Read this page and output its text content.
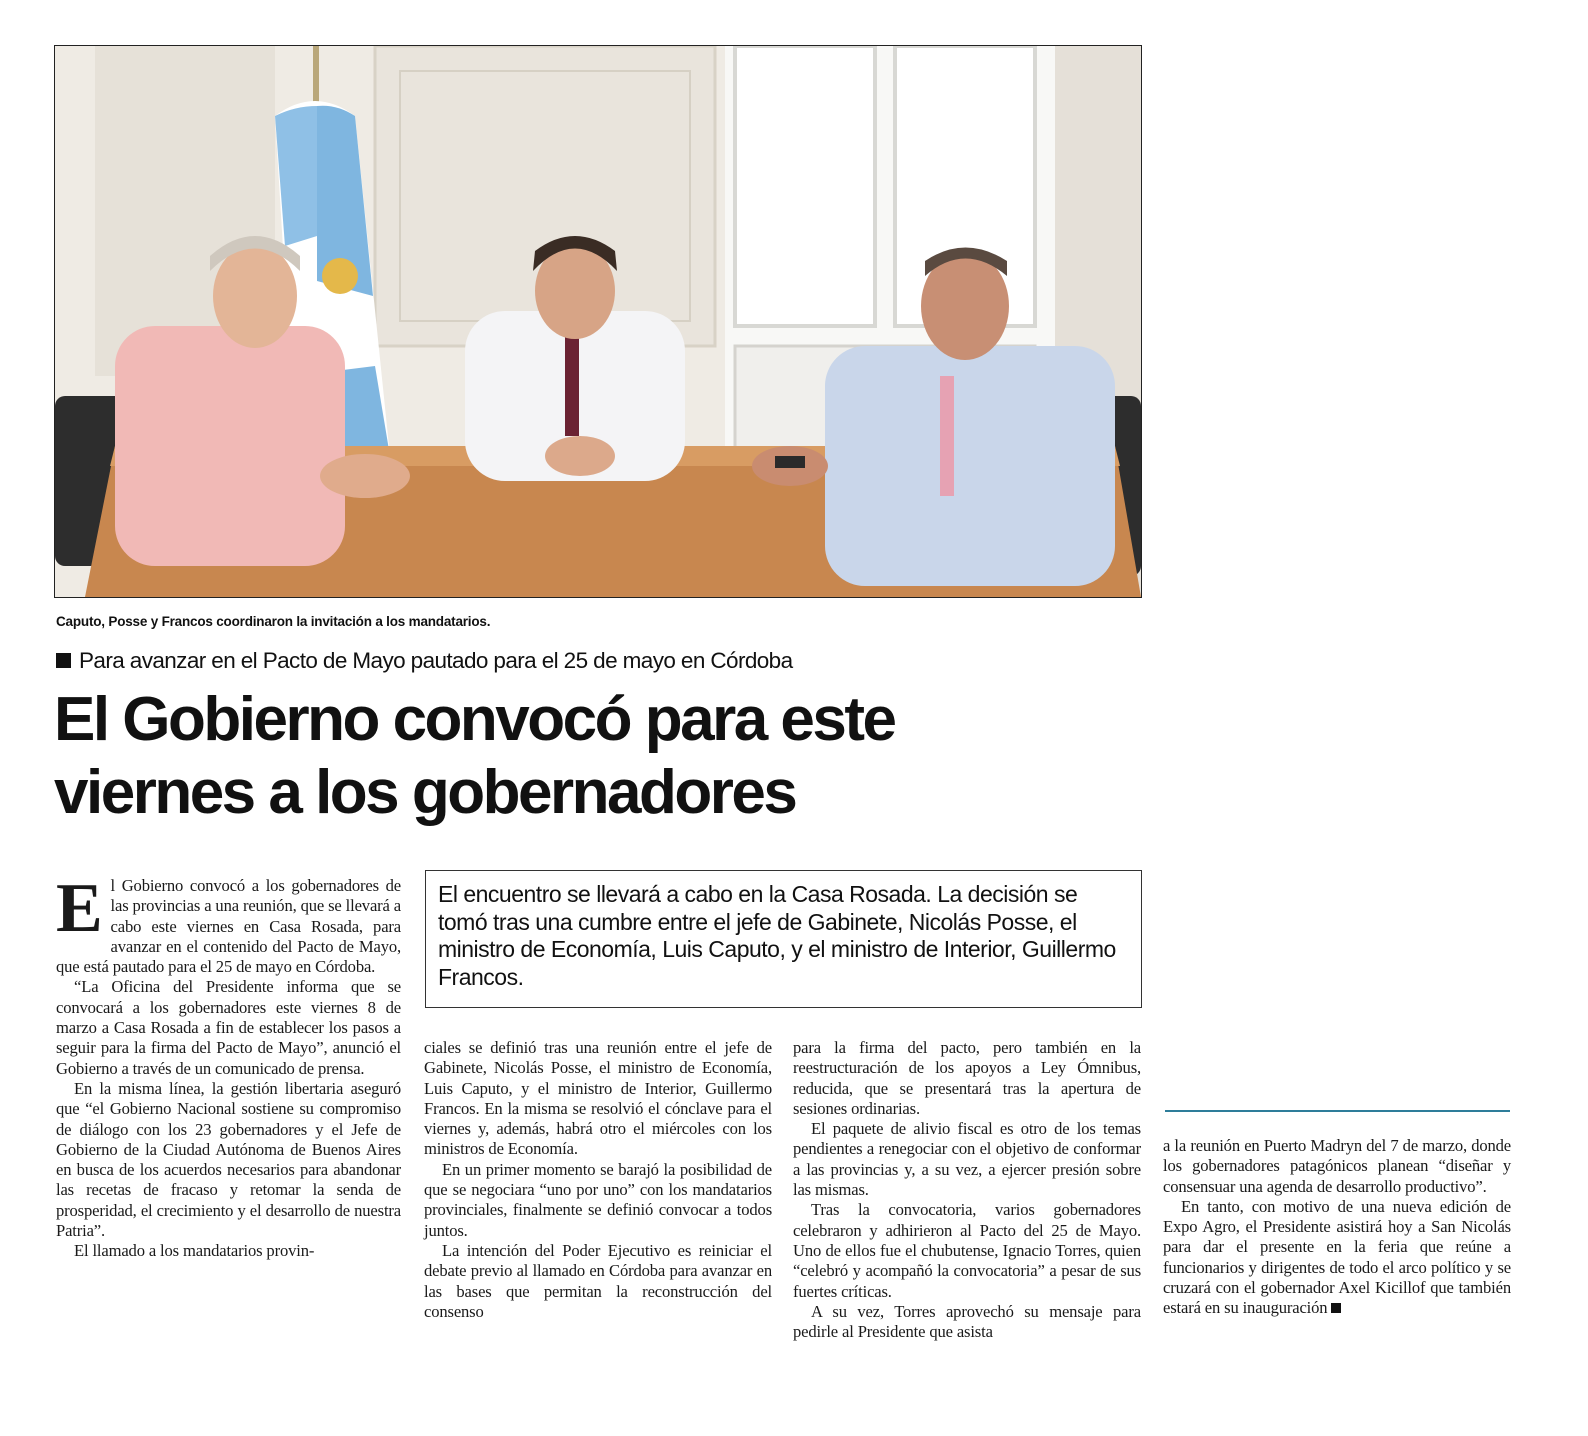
Caputo, Posse y Francos coordinaron la invitación a los mandatarios.
Para avanzar en el Pacto de Mayo pautado para el 25 de mayo en Córdoba
El Gobierno convocó para este
viernes a los gobernadores

El Gobierno convocó a los gobernadores de las provincias a una reunión, que se llevará a cabo este viernes en Casa Rosada, para avanzar en el contenido del Pacto de Mayo, que está pautado para el 25 de mayo en Córdoba.

“La Oficina del Presidente informa que se convocará a los gobernadores este viernes 8 de marzo a Casa Rosada a fin de establecer los pasos a seguir para la firma del Pacto de Mayo”, anunció el Gobierno a través de un comunicado de prensa.

En la misma línea, la gestión libertaria aseguró que “el Gobierno Nacional sostiene su compromiso de diálogo con los 23 gobernadores y el Jefe de Gobierno de la Ciudad Autónoma de Buenos Aires en busca de los acuerdos necesarios para abandonar las recetas de fracaso y retomar la senda de prosperidad, el crecimiento y el desarrollo de nuestra Patria”.

El llamado a los mandatarios provin-

El encuentro se llevará a cabo en la Casa Rosada. La decisión se tomó tras una cumbre entre el jefe de Gabinete, Nicolás Posse, el ministro de Economía, Luis Caputo, y el ministro de Interior, Guillermo Francos.

ciales se definió tras una reunión entre el jefe de Gabinete, Nicolás Posse, el ministro de Economía, Luis Caputo, y el ministro de Interior, Guillermo Francos. En la misma se resolvió el cónclave para el viernes y, además, habrá otro el miércoles con los ministros de Economía.

En un primer momento se barajó la posibilidad de que se negociara “uno por uno” con los mandatarios provinciales, finalmente se definió convocar a todos juntos.

La intención del Poder Ejecutivo es reiniciar el debate previo al llamado en Córdoba para avanzar en las bases que permitan la reconstrucción del consenso

para la firma del pacto, pero también en la reestructuración de los apoyos a Ley Ómnibus, reducida, que se presentará tras la apertura de sesiones ordinarias.

El paquete de alivio fiscal es otro de los temas pendientes a renegociar con el objetivo de conformar a las provincias y, a su vez, a ejercer presión sobre las mismas.

Tras la convocatoria, varios gobernadores celebraron y adhirieron al Pacto del 25 de Mayo. Uno de ellos fue el chubutense, Ignacio Torres, quien “celebró y acompañó la convocatoria” a pesar de sus fuertes críticas.

A su vez, Torres aprovechó su mensaje para pedirle al Presidente que asista

a la reunión en Puerto Madryn del 7 de marzo, donde los gobernadores patagónicos planean “diseñar y consensuar una agenda de desarrollo productivo”.

En tanto, con motivo de una nueva edición de Expo Agro, el Presidente asistirá hoy a San Nicolás para dar el presente en la feria que reúne a funcionarios y dirigentes de todo el arco político y se cruzará con el gobernador Axel Kicillof que también estará en su inauguración
